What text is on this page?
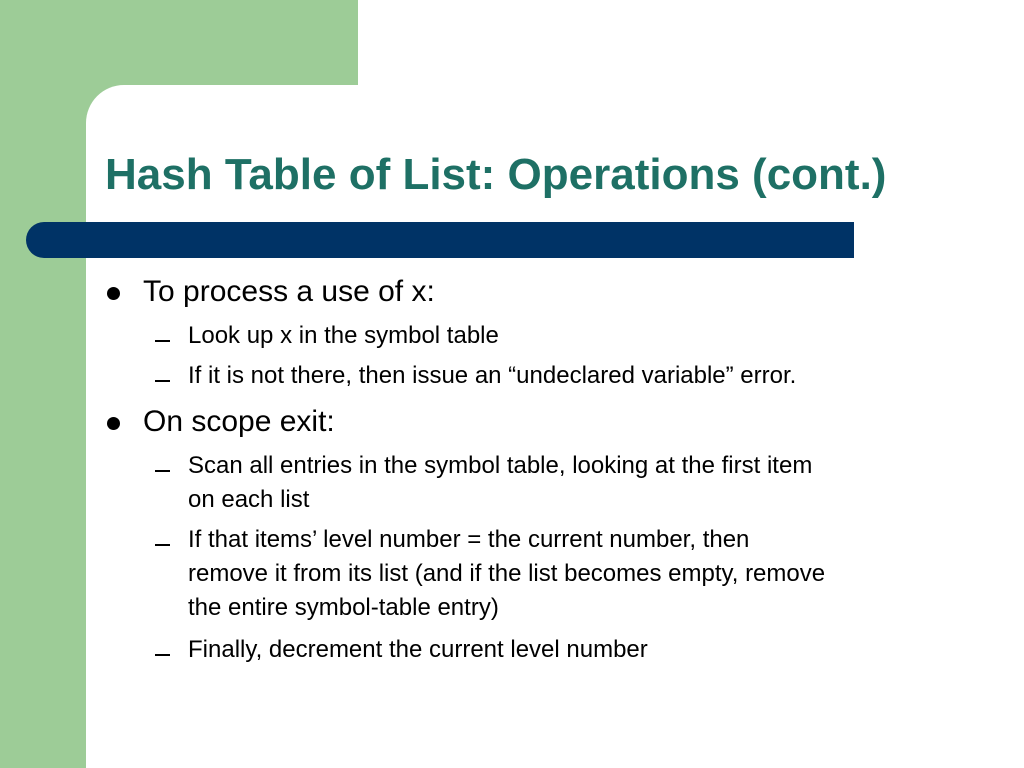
Hash Table of List: Operations (cont.)
To process a use of x:
Look up x in the symbol table
If it is not there, then issue an “undeclared variable” error.
On scope exit:
Scan all entries in the symbol table, looking at the first item
on each list
If that items’ level number = the current number, then
remove it from its list (and if the list becomes empty, remove
the entire symbol-table entry)
Finally, decrement the current level number
